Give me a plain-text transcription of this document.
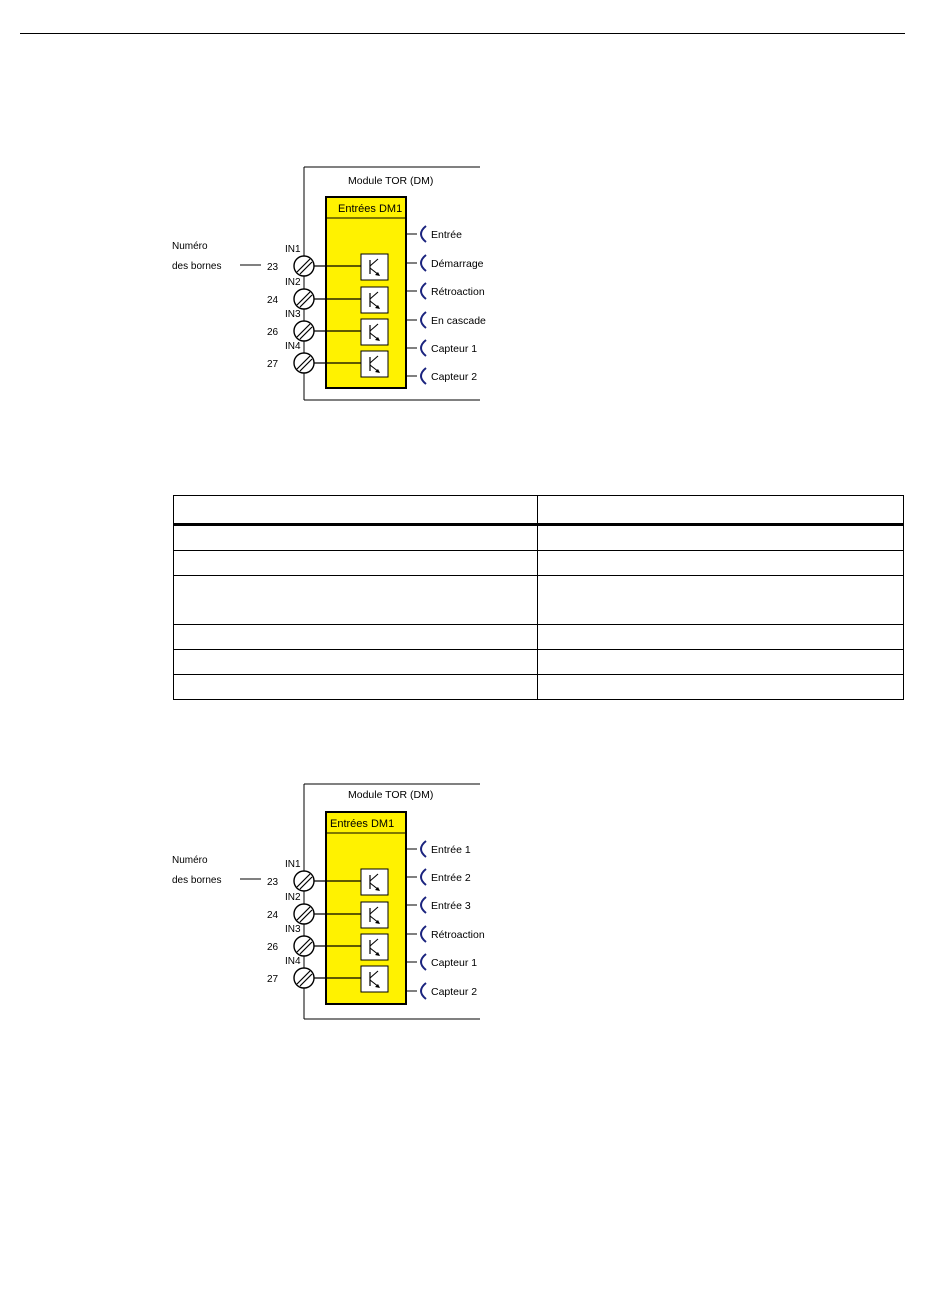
Module TOR (DM)
Entrées DM1
Numéro
des bornes
IN1
23
IN2
24
IN3
26
IN4
27
Entrée
Démarrage
Rétroaction
En cascade
Capteur 1
Capteur 2

Module TOR (DM)
Entrées DM1
Numéro
des bornes
IN1
23
IN2
24
IN3
26
IN4
27
Entrée 1
Entrée 2
Entrée 3
Rétroaction
Capteur 1
Capteur 2
